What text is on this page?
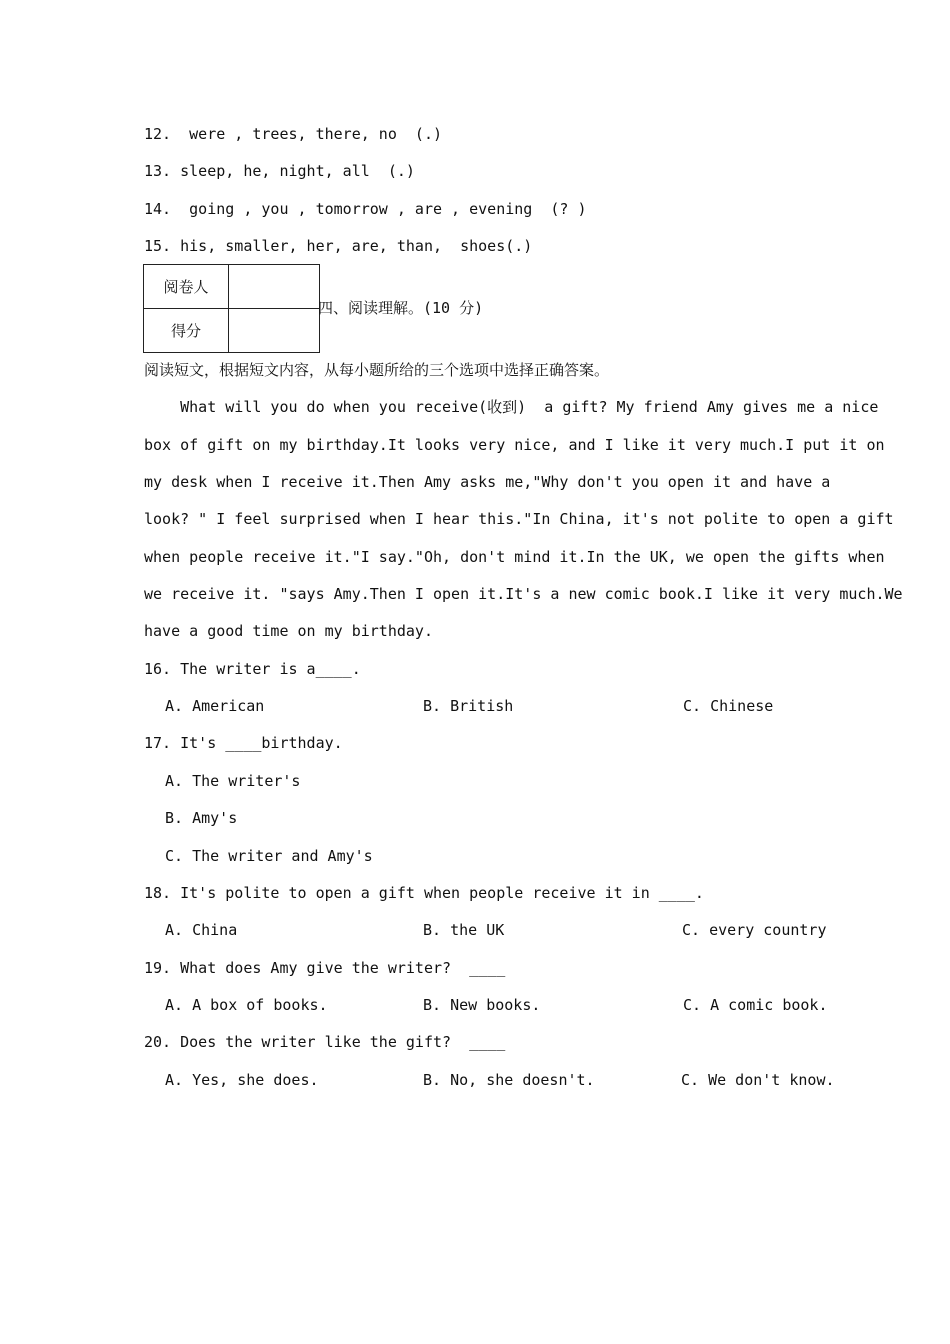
12.  were , trees, there, no  (.)
13. sleep, he, night, all  (.)
14.  going , you , tomorrow , are , evening  (? )
15. his, smaller, her, are, than,  shoes(.)
阅卷人	
得分	
四、阅读理解。(10 分)
阅读短文，根据短文内容，从每小题所给的三个选项中选择正确答案。
What will you do when you receive(收到)  a gift? My friend Amy gives me a nice
box of gift on my birthday.It looks very nice, and I like it very much.I put it on
my desk when I receive it.Then Amy asks me,"Why don't you open it and have a
look? " I feel surprised when I hear this."In China, it's not polite to open a gift
when people receive it."I say."Oh, don't mind it.In the UK, we open the gifts when
we receive it. "says Amy.Then I open it.It's a new comic book.I like it very much.We
have a good time on my birthday.
16. The writer is a____.
A. American	B. British	C. Chinese
17. It's ____birthday.
A. The writer's
B. Amy's
C. The writer and Amy's
18. It's polite to open a gift when people receive it in ____.
A. China	B. the UK	C. every country
19. What does Amy give the writer?  ____
A. A box of books.	B. New books.	C. A comic book.
20. Does the writer like the gift?  ____
A. Yes, she does.	B. No, she doesn't.	C. We don't know.
